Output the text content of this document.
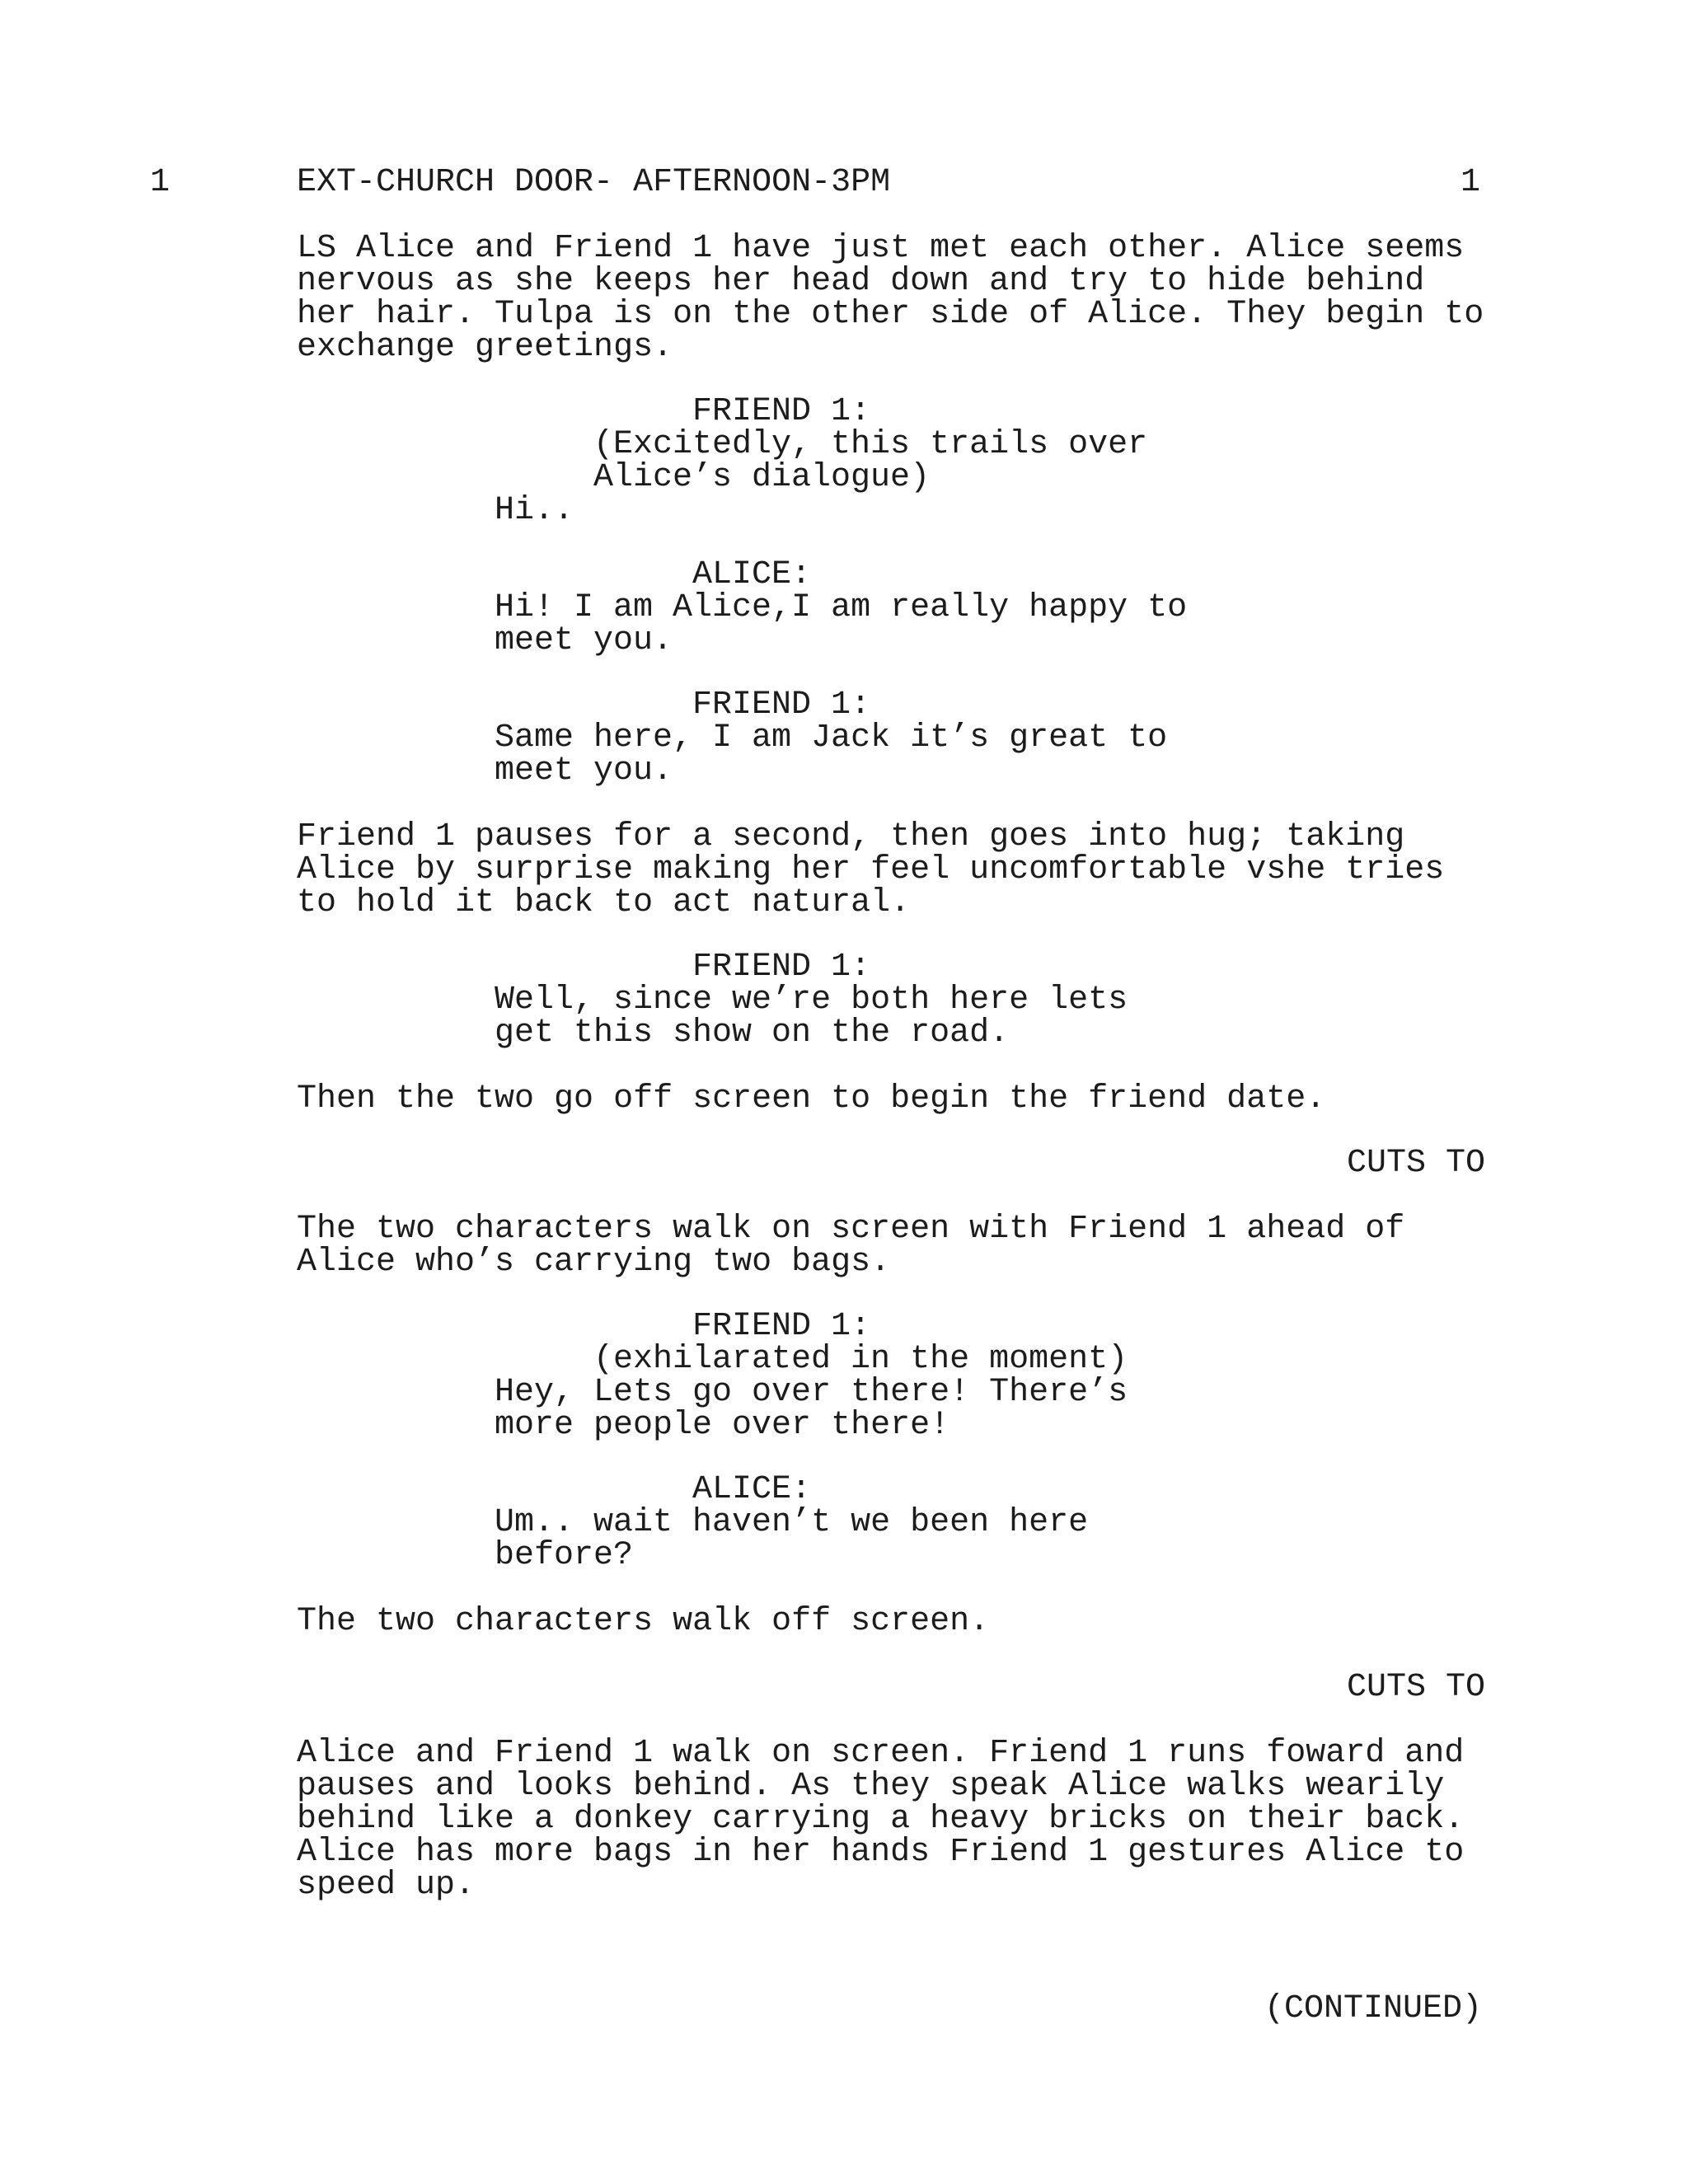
1	EXT-CHURCH DOOR- AFTERNOON-3PM	1

LS Alice and Friend 1 have just met each other. Alice seems
nervous as she keeps her head down and try to hide behind
her hair. Tulpa is on the other side of Alice. They begin to
exchange greetings.

FRIEND 1:

(Excitedly, this trails over
Alice’s dialogue)

Hi..

ALICE:

Hi! I am Alice,I am really happy to
meet you.

FRIEND 1:

Same here, I am Jack it’s great to
meet you.

Friend 1 pauses for a second, then goes into hug; taking
Alice by surprise making her feel uncomfortable vshe tries
to hold it back to act natural.

FRIEND 1:

Well, since we’re both here lets
get this show on the road.

Then the two go off screen to begin the friend date.

CUTS TO

The two characters walk on screen with Friend 1 ahead of
Alice who’s carrying two bags.

FRIEND 1:

(exhilarated in the moment)

Hey, Lets go over there! There’s
more people over there!

ALICE:

Um.. wait haven’t we been here
before?

The two characters walk off screen.

CUTS TO

Alice and Friend 1 walk on screen. Friend 1 runs foward and
pauses and looks behind. As they speak Alice walks wearily
behind like a donkey carrying a heavy bricks on their back.
Alice has more bags in her hands Friend 1 gestures Alice to
speed up.

(CONTINUED)
